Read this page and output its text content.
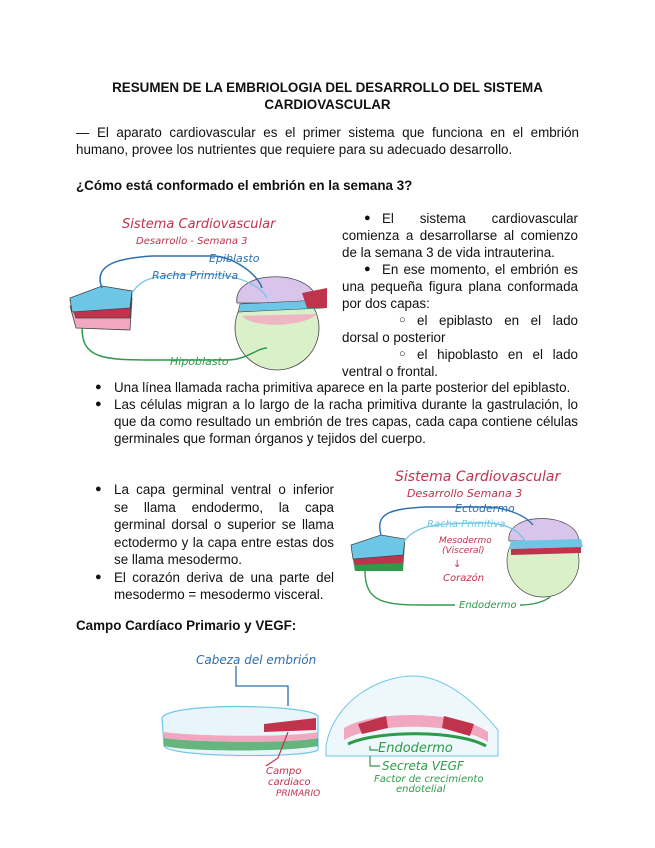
RESUMEN DE LA EMBRIOLOGIA DEL DESARROLLO DEL SISTEMA
CARDIOVASCULAR
— El aparato cardiovascular es el primer sistema que funciona en el embrión humano, provee los nutrientes que requiere para su adecuado desarrollo.
¿Cómo está conformado el embrión en la semana 3?
Sistema Cardiovascular
Desarrollo - Semana 3
Epiblasto
Racha Primitiva
Hipoblasto
● El sistema cardiovascular comienza a desarrollarse al comienzo de la semana 3 de vida intrauterina.
● En ese momento, el embrión es una pequeña figura plana conformada por dos capas:
○ el epiblasto en el lado dorsal o posterior
○ el hipoblasto en el lado ventral o frontal.
● Una línea llamada racha primitiva aparece en la parte posterior del epiblasto.
● Las células migran a lo largo de la racha primitiva durante la gastrulación, lo que da como resultado un embrión de tres capas, cada capa contiene células germinales que forman órganos y tejidos del cuerpo.
● La capa germinal ventral o inferior se llama endodermo, la capa germinal dorsal o superior se llama ectodermo y la capa entre estas dos se llama mesodermo.
● El corazón deriva de una parte del mesodermo = mesodermo visceral.
Sistema Cardiovascular
Desarrollo Semana 3
Ectodermo
Racha Primitiva
Mesodermo
(Visceral)
↓
Corazón
Endodermo
Campo Cardíaco Primario y VEGF:
Cabeza del embrión
Campo
cardiaco
PRIMARIO
Endodermo
Secreta VEGF
Factor de crecimiento
endotelial
